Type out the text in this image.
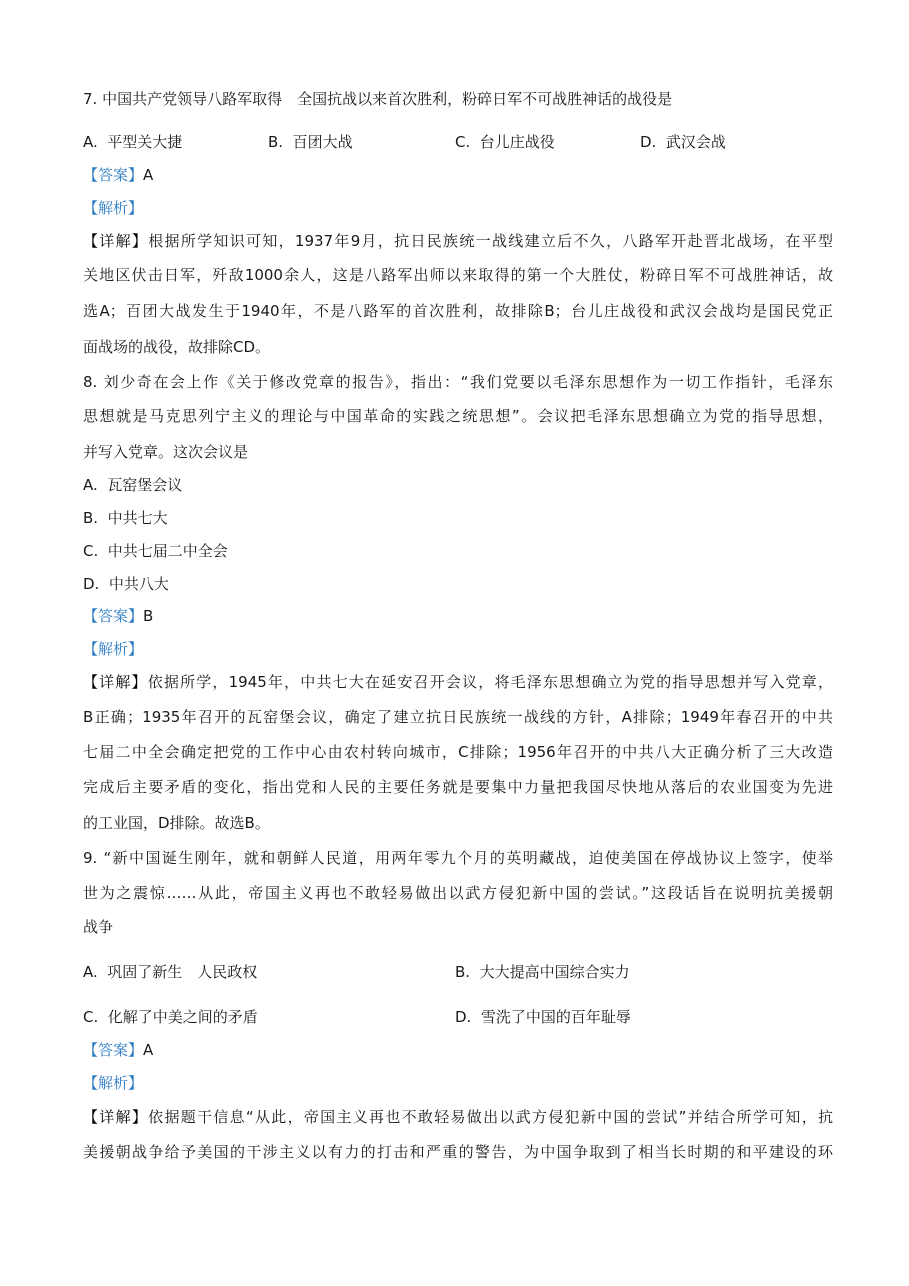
7. 中国共产党领导八路军取得　全国抗战以来首次胜利，粉碎日军不可战胜神话的战役是
A.  平型关大捷	B.  百团大战	C.  台儿庄战役	D.  武汉会战
【答案】A
【解析】
【详解】根据所学知识可知，1937年9月，抗日民族统一战线建立后不久，八路军开赴晋北战场，在平型
关地区伏击日军，歼敌1000余人，这是八路军出师以来取得的第一个大胜仗，粉碎日军不可战胜神话，故
选A；百团大战发生于1940年，不是八路军的首次胜利，故排除B；台儿庄战役和武汉会战均是国民党正
面战场的战役，故排除CD。
8. 刘少奇在会上作《关于修改党章的报告》，指出：“我们党要以毛泽东思想作为一切工作指针，毛泽东
思想就是马克思列宁主义的理论与中国革命的实践之统思想”。会议把毛泽东思想确立为党的指导思想，
并写入党章。这次会议是
A.  瓦窑堡会议
B.  中共七大
C.  中共七届二中全会
D.  中共八大
【答案】B
【解析】
【详解】依据所学，1945年，中共七大在延安召开会议，将毛泽东思想确立为党的指导思想并写入党章，
B正确；1935年召开的瓦窑堡会议，确定了建立抗日民族统一战线的方针，A排除；1949年春召开的中共
七届二中全会确定把党的工作中心由农村转向城市，C排除；1956年召开的中共八大正确分析了三大改造
完成后主要矛盾的变化，指出党和人民的主要任务就是要集中力量把我国尽快地从落后的农业国变为先进
的工业国，D排除。故选B。
9. “新中国诞生刚年，就和朝鲜人民道，用两年零九个月的英明藏战，迫使美国在停战协议上签字，使举
世为之震惊……从此，帝国主义再也不敢轻易做出以武方侵犯新中国的尝试。”这段话旨在说明抗美援朝
战争
A.  巩固了新生　人民政权	B.  大大提高中国综合实力
C.  化解了中美之间的矛盾	D.  雪洗了中国的百年耻辱
【答案】A
【解析】
【详解】依据题干信息“从此，帝国主义再也不敢轻易做出以武方侵犯新中国的尝试”并结合所学可知，抗
美援朝战争给予美国的干涉主义以有力的打击和严重的警告，为中国争取到了相当长时期的和平建设的环
